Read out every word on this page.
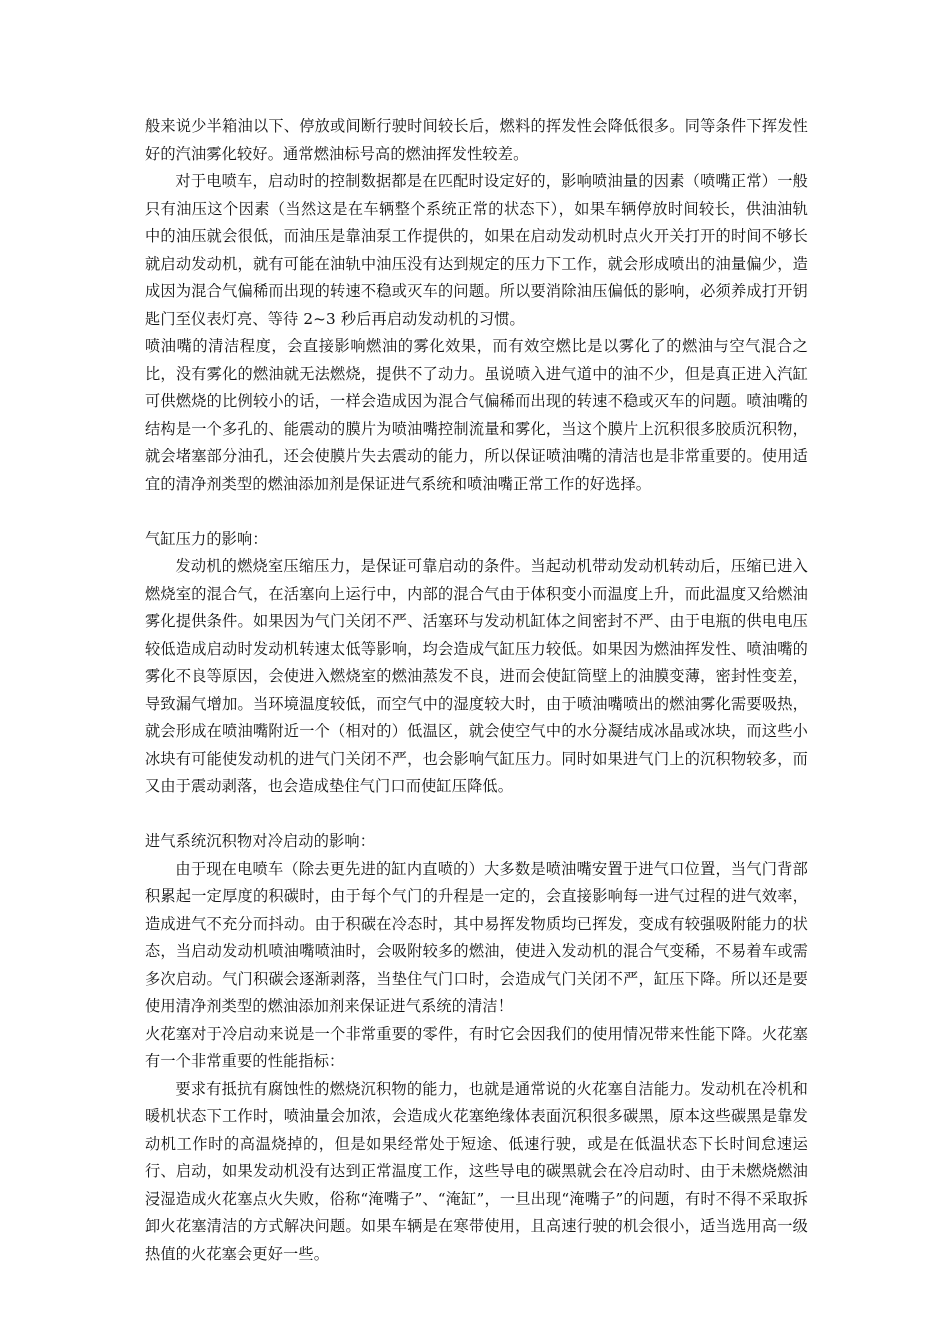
般来说少半箱油以下、停放或间断行驶时间较长后，燃料的挥发性会降低很多。同等条件下挥发性好的汽油雾化较好。通常燃油标号高的燃油挥发性较差。

对于电喷车，启动时的控制数据都是在匹配时设定好的，影响喷油量的因素（喷嘴正常）一般只有油压这个因素（当然这是在车辆整个系统正常的状态下），如果车辆停放时间较长，供油油轨中的油压就会很低，而油压是靠油泵工作提供的，如果在启动发动机时点火开关打开的时间不够长就启动发动机，就有可能在油轨中油压没有达到规定的压力下工作，就会形成喷出的油量偏少，造成因为混合气偏稀而出现的转速不稳或灭车的问题。所以要消除油压偏低的影响，必须养成打开钥匙门至仪表灯亮、等待 2~3 秒后再启动发动机的习惯。

喷油嘴的清洁程度，会直接影响燃油的雾化效果，而有效空燃比是以雾化了的燃油与空气混合之比，没有雾化的燃油就无法燃烧，提供不了动力。虽说喷入进气道中的油不少，但是真正进入汽缸可供燃烧的比例较小的话，一样会造成因为混合气偏稀而出现的转速不稳或灭车的问题。喷油嘴的结构是一个多孔的、能震动的膜片为喷油嘴控制流量和雾化，当这个膜片上沉积很多胶质沉积物，就会堵塞部分油孔，还会使膜片失去震动的能力，所以保证喷油嘴的清洁也是非常重要的。使用适宜的清净剂类型的燃油添加剂是保证进气系统和喷油嘴正常工作的好选择。

气缸压力的影响：

发动机的燃烧室压缩压力，是保证可靠启动的条件。当起动机带动发动机转动后，压缩已进入燃烧室的混合气，在活塞向上运行中，内部的混合气由于体积变小而温度上升，而此温度又给燃油雾化提供条件。如果因为气门关闭不严、活塞环与发动机缸体之间密封不严、由于电瓶的供电电压较低造成启动时发动机转速太低等影响，均会造成气缸压力较低。如果因为燃油挥发性、喷油嘴的雾化不良等原因，会使进入燃烧室的燃油蒸发不良，进而会使缸筒壁上的油膜变薄，密封性变差，导致漏气增加。当环境温度较低，而空气中的湿度较大时，由于喷油嘴喷出的燃油雾化需要吸热，就会形成在喷油嘴附近一个（相对的）低温区，就会使空气中的水分凝结成冰晶或冰块，而这些小冰块有可能使发动机的进气门关闭不严，也会影响气缸压力。同时如果进气门上的沉积物较多，而又由于震动剥落，也会造成垫住气门口而使缸压降低。

进气系统沉积物对冷启动的影响：

由于现在电喷车（除去更先进的缸内直喷的）大多数是喷油嘴安置于进气口位置，当气门背部积累起一定厚度的积碳时，由于每个气门的升程是一定的，会直接影响每一进气过程的进气效率，造成进气不充分而抖动。由于积碳在冷态时，其中易挥发物质均已挥发，变成有较强吸附能力的状态，当启动发动机喷油嘴喷油时，会吸附较多的燃油，使进入发动机的混合气变稀，不易着车或需多次启动。气门积碳会逐渐剥落，当垫住气门口时，会造成气门关闭不严，缸压下降。所以还是要使用清净剂类型的燃油添加剂来保证进气系统的清洁！

火花塞对于冷启动来说是一个非常重要的零件，有时它会因我们的使用情况带来性能下降。火花塞有一个非常重要的性能指标：

要求有抵抗有腐蚀性的燃烧沉积物的能力，也就是通常说的火花塞自洁能力。发动机在冷机和暖机状态下工作时，喷油量会加浓，会造成火花塞绝缘体表面沉积很多碳黑，原本这些碳黑是靠发动机工作时的高温烧掉的，但是如果经常处于短途、低速行驶，或是在低温状态下长时间怠速运行、启动，如果发动机没有达到正常温度工作，这些导电的碳黑就会在冷启动时、由于未燃烧燃油浸湿造成火花塞点火失败，俗称“淹嘴子”、“淹缸”，一旦出现“淹嘴子”的问题，有时不得不采取拆卸火花塞清洁的方式解决问题。如果车辆是在寒带使用，且高速行驶的机会很小，适当选用高一级热值的火花塞会更好一些。
